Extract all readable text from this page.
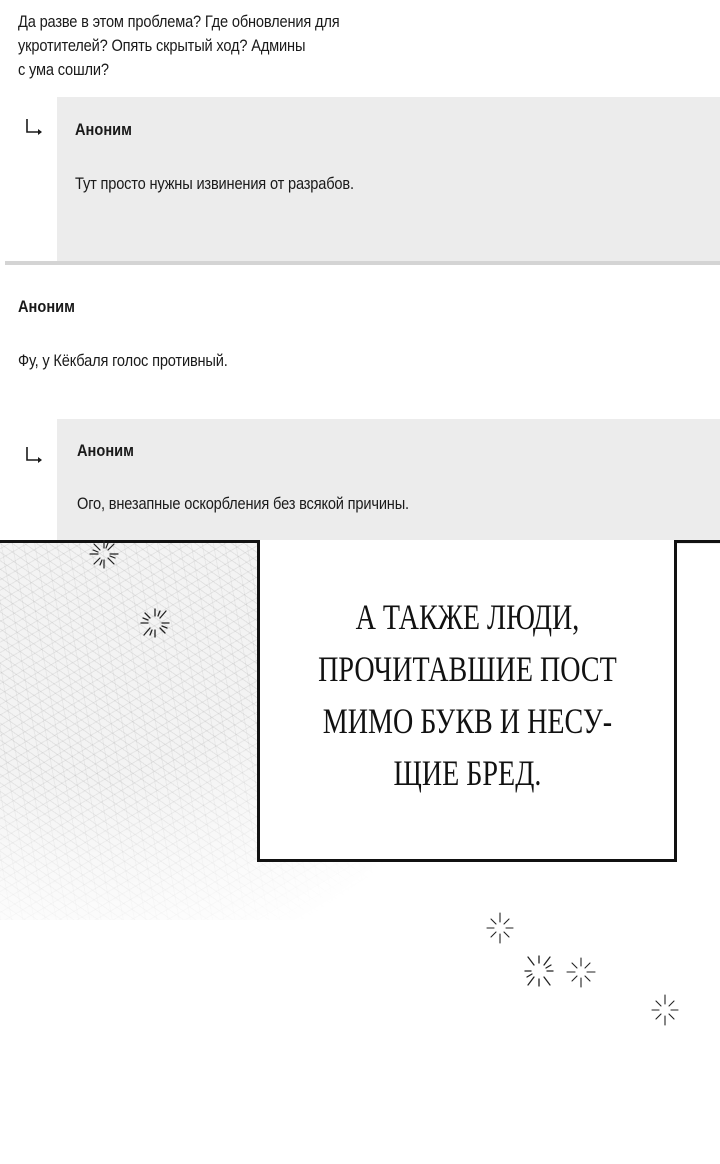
Да разве в этом проблема? Где обновления для
укротителей? Опять скрытый ход? Админы
с ума сошли?
Аноним
Тут просто нужны извинения от разрабов.
Аноним
Фу, у Кёкбаля голос противный.
Аноним
Ого, внезапные оскорбления без всякой причины.
А ТАКЖЕ ЛЮДИ,
ПРОЧИТАВШИЕ ПОСТ
МИМО БУКВ И НЕСУ-
ЩИЕ БРЕД.
